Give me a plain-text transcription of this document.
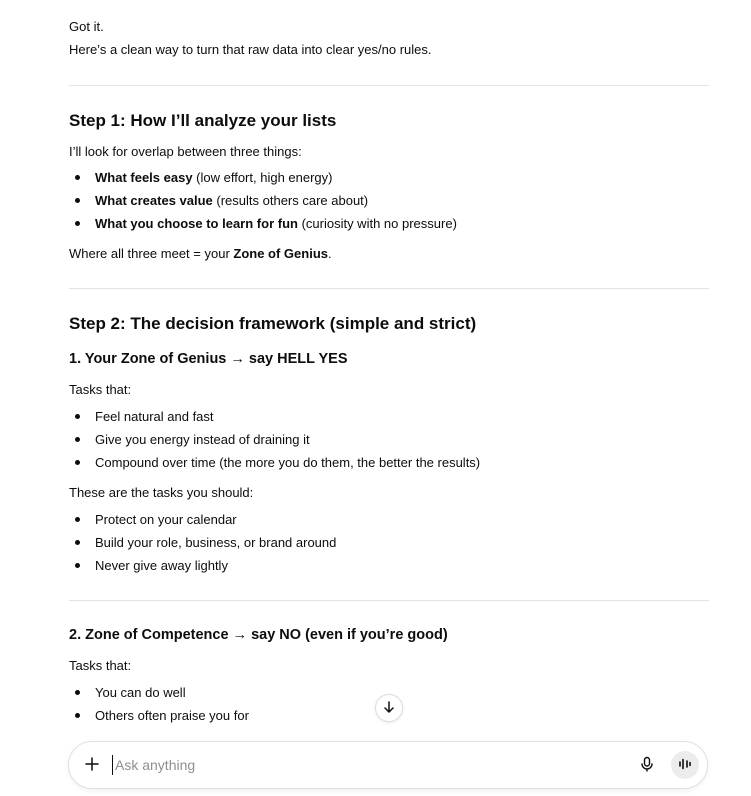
Got it.

Here’s a clean way to turn that raw data into clear yes/no rules.

Step 1: How I’ll analyze your lists

I’ll look for overlap between three things:

What feels easy (low effort, high energy)
What creates value (results others care about)
What you choose to learn for fun (curiosity with no pressure)

Where all three meet = your Zone of Genius.

Step 2: The decision framework (simple and strict)
1. Your Zone of Genius → say HELL YES

Tasks that:

Feel natural and fast
Give you energy instead of draining it
Compound over time (the more you do them, the better the results)

These are the tasks you should:

Protect on your calendar
Build your role, business, or brand around
Never give away lightly
2. Zone of Competence → say NO (even if you’re good)

Tasks that:

You can do well
Others often praise you for
Ask anything
